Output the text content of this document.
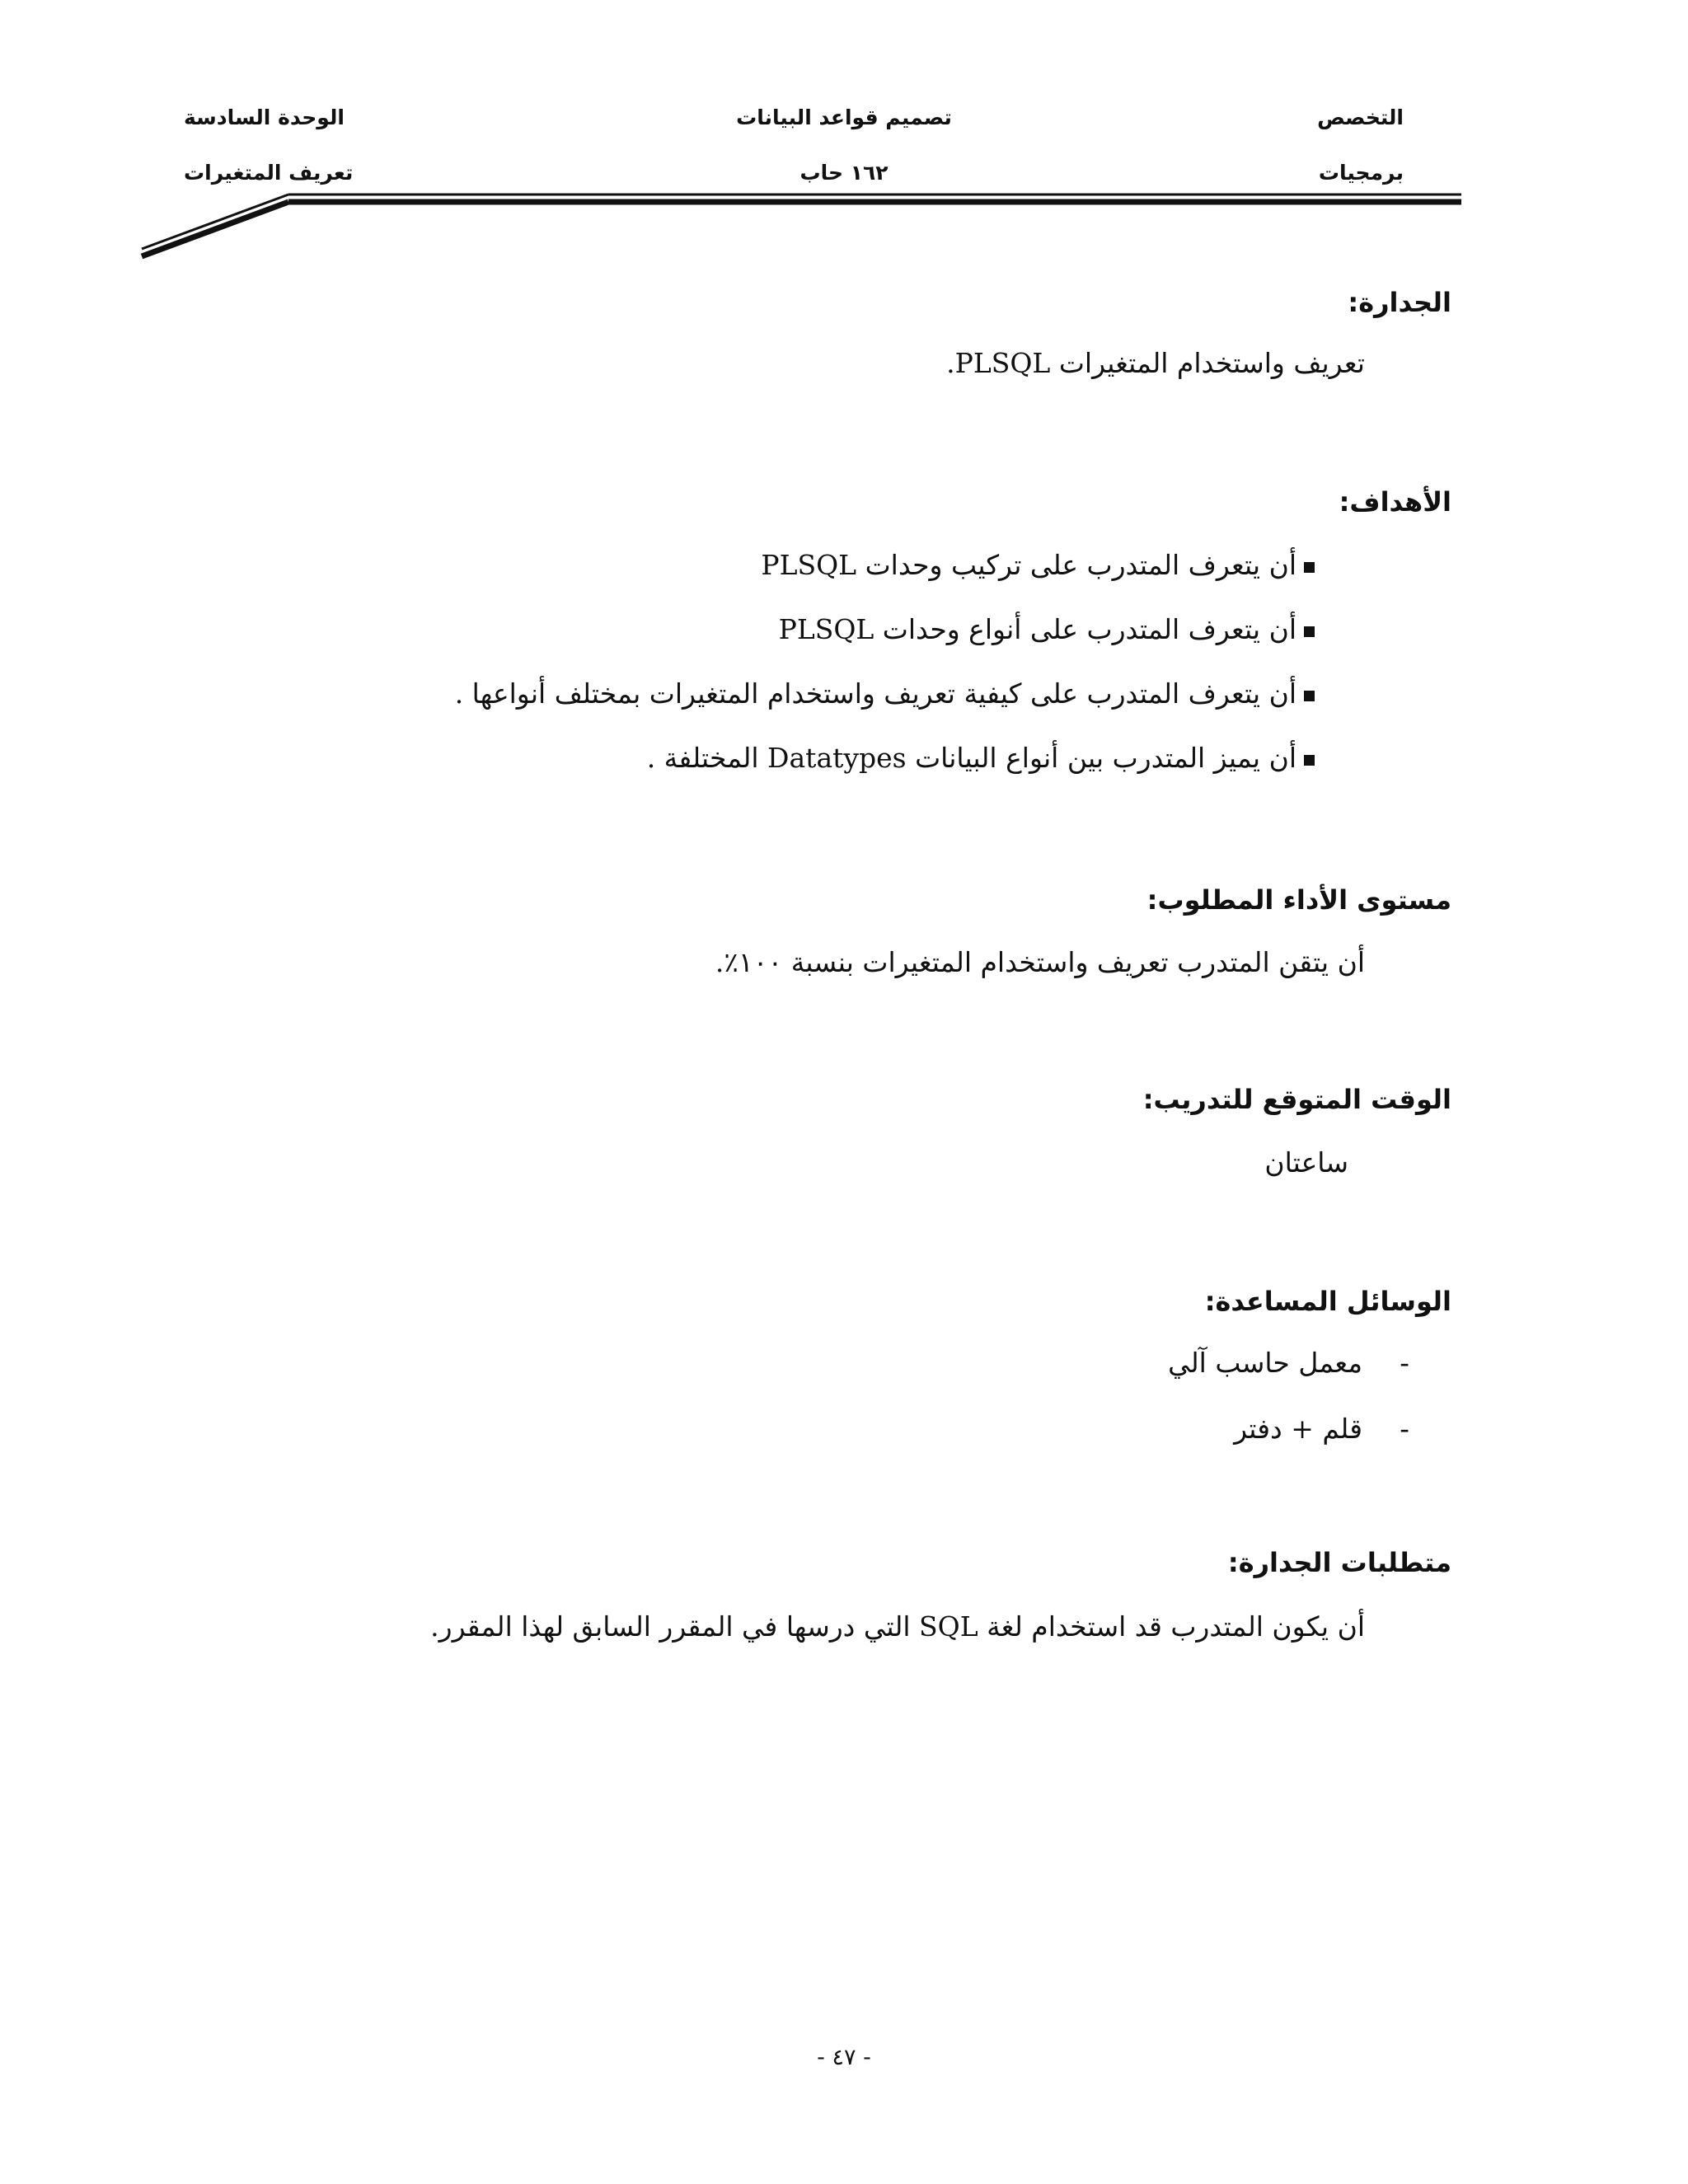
التخصص
برمجيات
تصميم قواعد البيانات
١٦٢ حاب
الوحدة السادسة
تعريف المتغيرات
الجدارة:
تعريف واستخدام المتغيرات PLSQL.
الأهداف:
أن يتعرف المتدرب على تركيب وحدات PLSQL
أن يتعرف المتدرب على أنواع وحدات PLSQL
أن يتعرف المتدرب على كيفية تعريف واستخدام المتغيرات بمختلف أنواعها .
أن يميز المتدرب بين أنواع البيانات Datatypes المختلفة .
مستوى الأداء المطلوب:
أن يتقن المتدرب تعريف واستخدام المتغيرات بنسبة ١٠٠٪.
الوقت المتوقع للتدريب:
ساعتان
الوسائل المساعدة:
-
معمل حاسب آلي
-
قلم + دفتر
متطلبات الجدارة:
أن يكون المتدرب قد استخدام لغة SQL التي درسها في المقرر السابق لهذا المقرر.
- ٤٧ -
